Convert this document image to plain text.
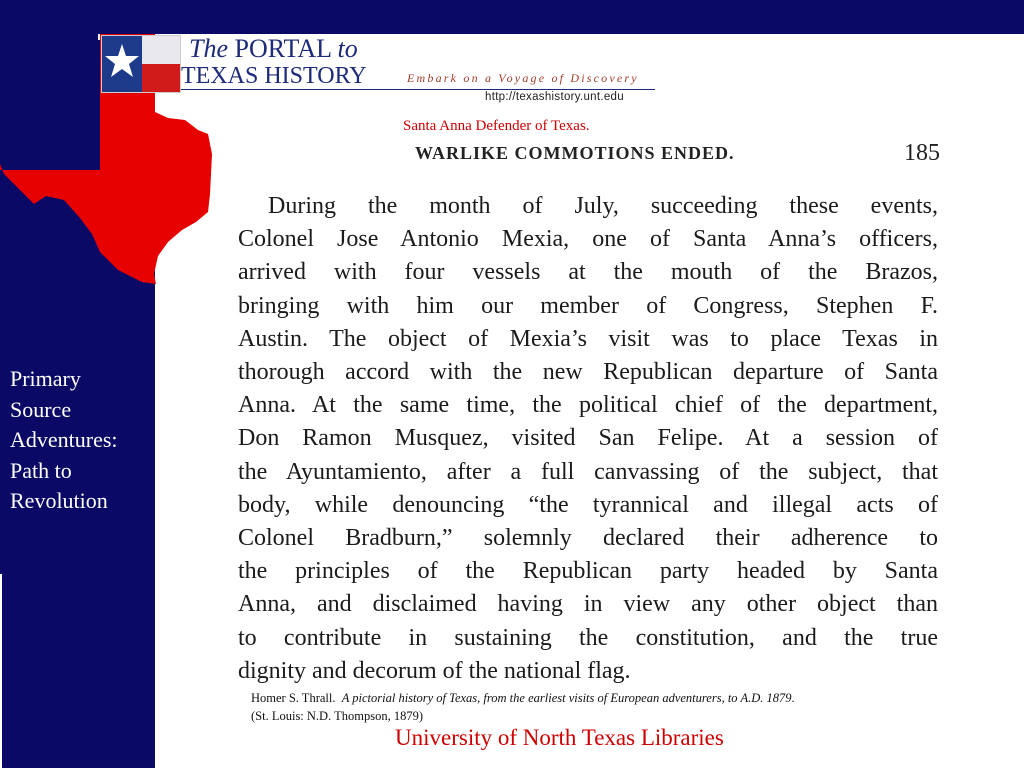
Primary
Source
Adventures:
Path to
Revolution
The PORTAL to
TEXAS HISTORY	Embark on a Voyage of Discovery
http://texashistory.unt.edu
Santa Anna Defender of Texas.
WARLIKE COMMOTIONS ENDED.	185
During the month of July, succeeding these events,
Colonel Jose Antonio Mexia, one of Santa Anna’s officers,
arrived with four vessels at the mouth of the Brazos,
bringing with him our member of Congress, Stephen F.
Austin. The object of Mexia’s visit was to place Texas in
thorough accord with the new Republican departure of Santa
Anna. At the same time, the political chief of the department,
Don Ramon Musquez, visited San Felipe. At a session of
the Ayuntamiento, after a full canvassing of the subject, that
body, while denouncing “the tyrannical and illegal acts of
Colonel Bradburn,” solemnly declared their adherence to
the principles of the Republican party headed by Santa
Anna, and disclaimed having in view any other object than
to contribute in sustaining the constitution, and the true
dignity and decorum of the national flag.
Homer S. Thrall. A pictorial history of Texas, from the earliest visits of European adventurers, to A.D. 1879.
(St. Louis: N.D. Thompson, 1879)
University of North Texas Libraries
